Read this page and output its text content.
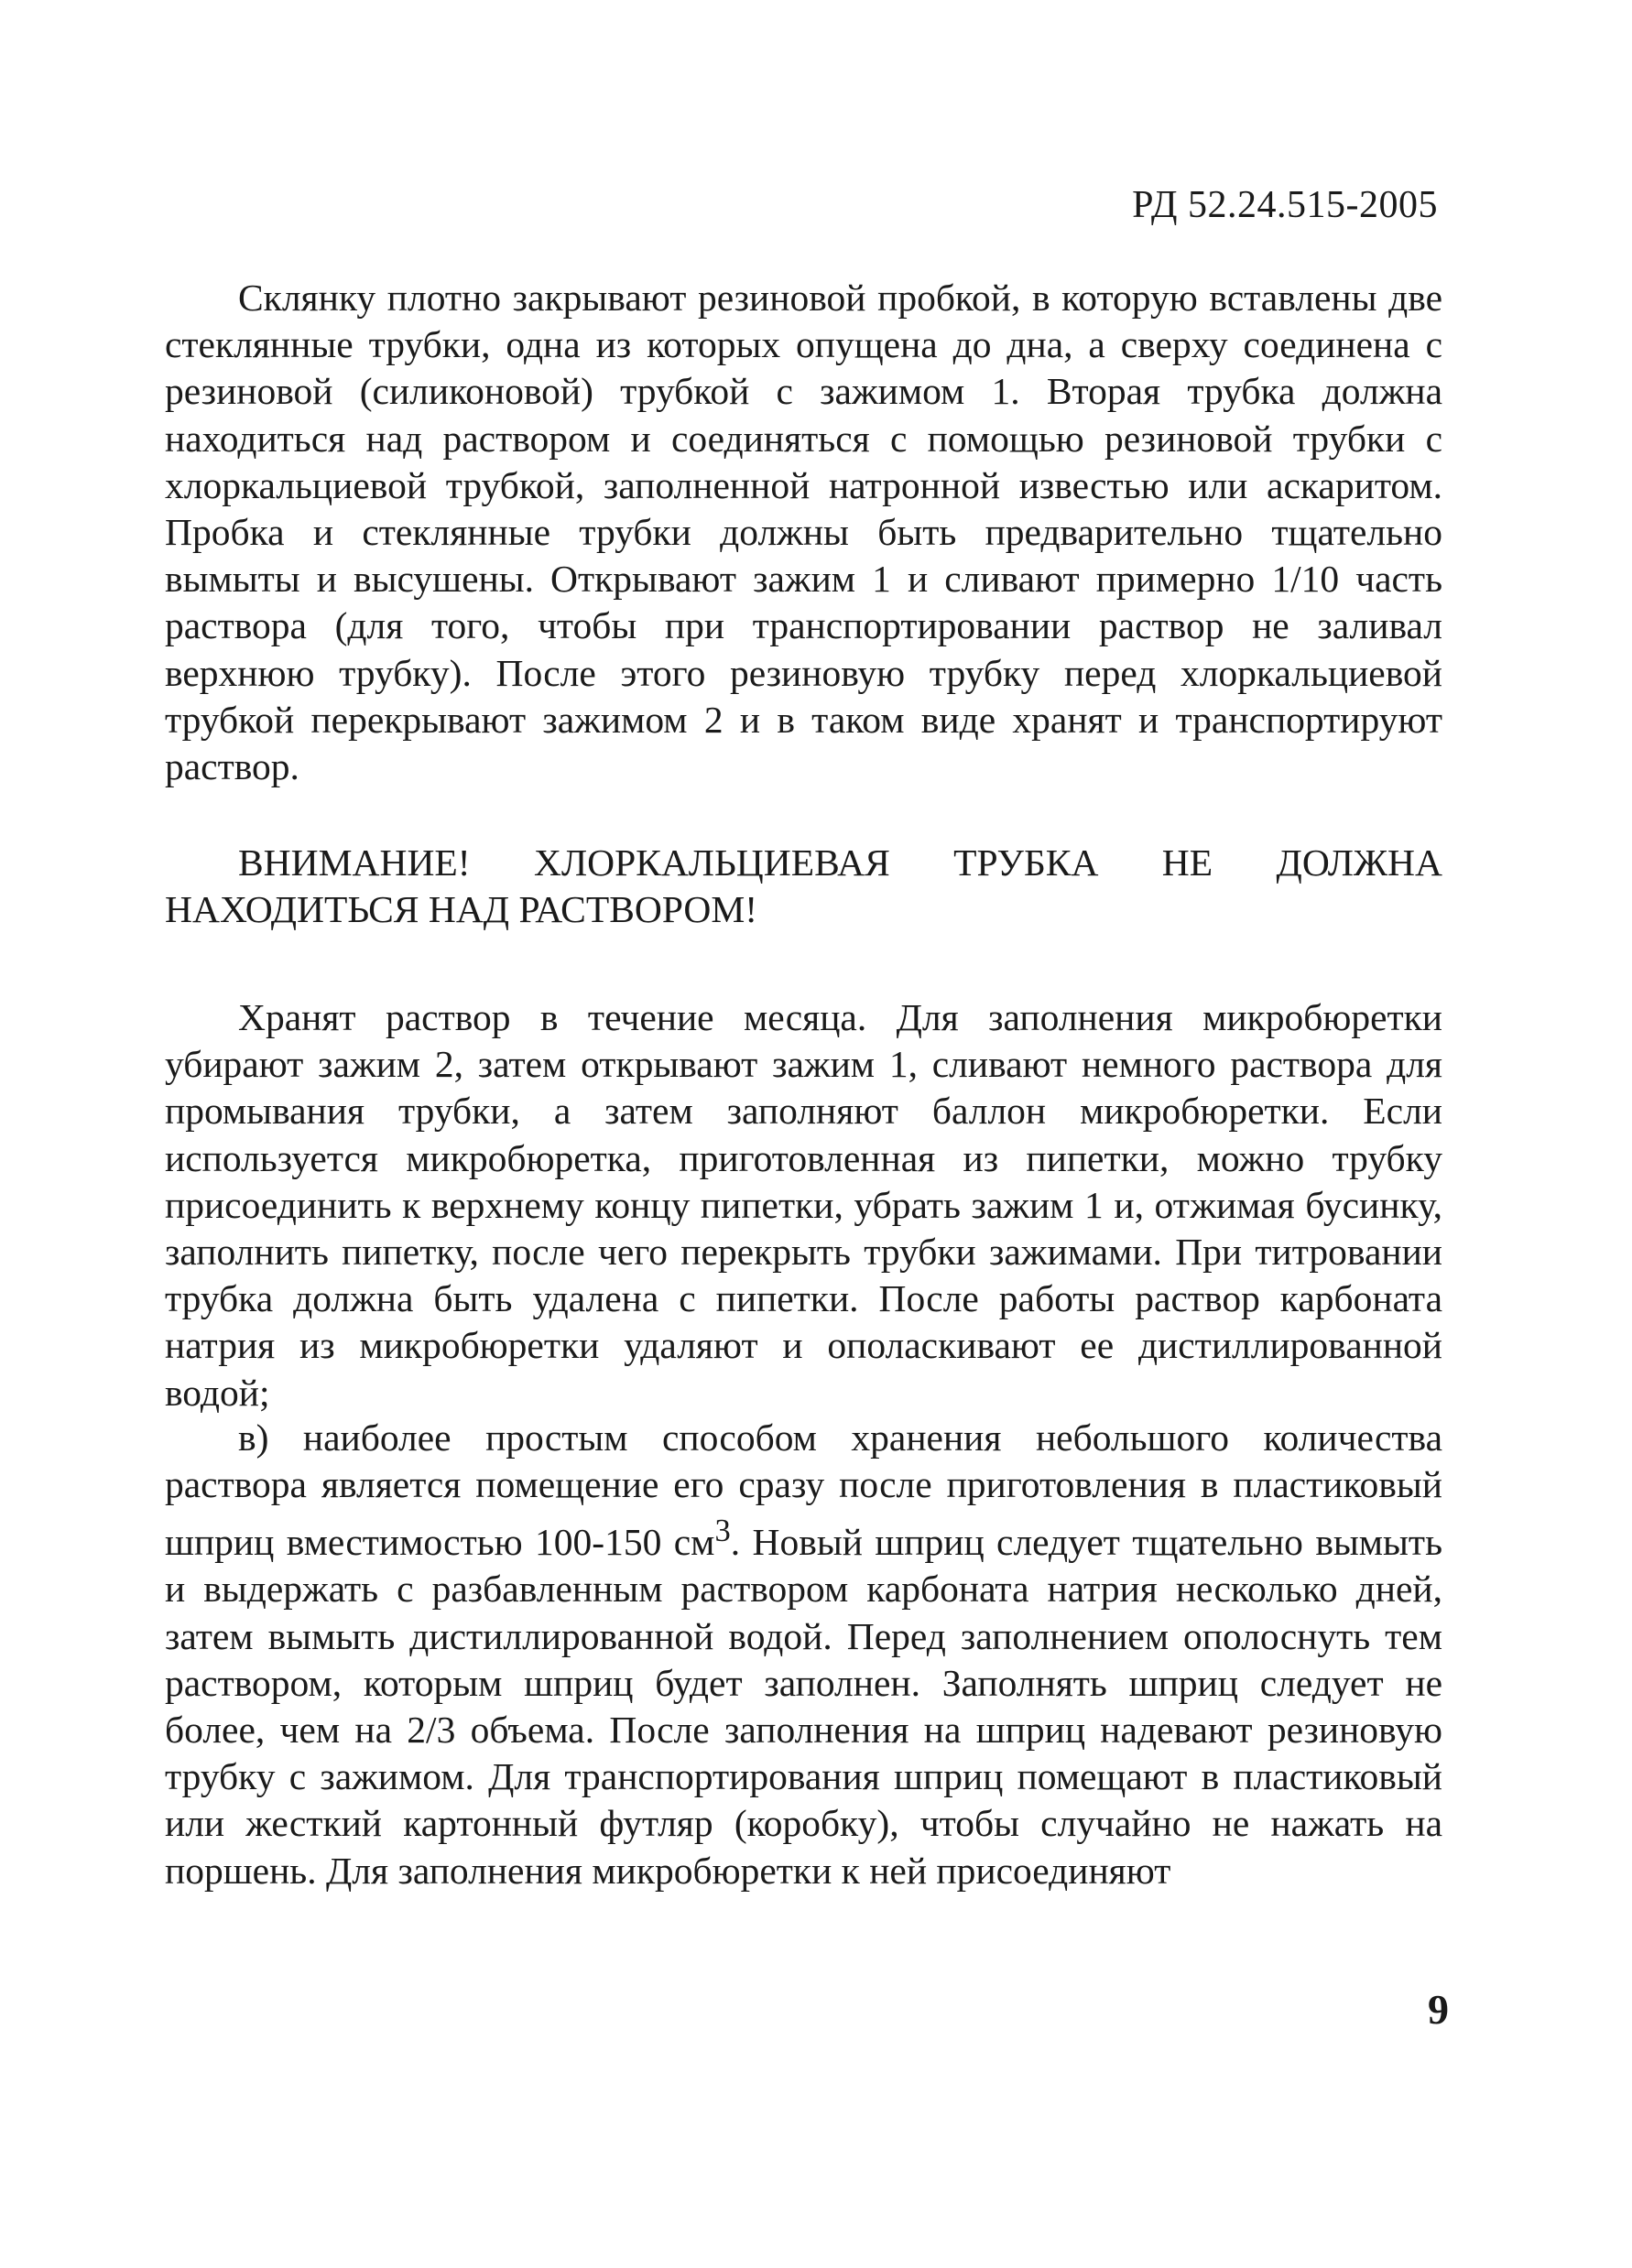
РД 52.24.515-2005

Склянку плотно закрывают резиновой пробкой, в которую вставлены две стеклянные трубки, одна из которых опущена до дна, а сверху соединена с резиновой (силиконовой) трубкой с зажимом 1. Вторая трубка должна находиться над раствором и соединяться с помощью резиновой трубки с хлоркальциевой трубкой, заполненной натронной известью или аскаритом. Пробка и стеклянные трубки должны быть предварительно тщательно вымыты и высушены. Открывают зажим 1 и сливают примерно 1/10 часть раствора (для того, чтобы при транспортировании раствор не заливал верхнюю трубку). После этого резиновую трубку перед хлоркальциевой трубкой перекрывают зажимом 2 и в таком виде хранят и транспортируют раствор.

ВНИМАНИЕ! ХЛОРКАЛЬЦИЕВАЯ ТРУБКА НЕ ДОЛЖНА НАХОДИТЬСЯ НАД РАСТВОРОМ!

Хранят раствор в течение месяца. Для заполнения микробюретки убирают зажим 2, затем открывают зажим 1, сливают немного раствора для промывания трубки, а затем заполняют баллон микробюретки. Если используется микробюретка, приготовленная из пипетки, можно трубку присоединить к верхнему концу пипетки, убрать зажим 1 и, отжимая бусинку, заполнить пипетку, после чего перекрыть трубки зажимами. При титровании трубка должна быть удалена с пипетки. После работы раствор карбоната натрия из микробюретки удаляют и ополаскивают ее дистиллированной водой;

в) наиболее простым способом хранения небольшого количества раствора является помещение его сразу после приготовления в пластиковый шприц вместимостью 100-150 $см^3$. Новый шприц следует тщательно вымыть и выдержать с разбавленным раствором карбоната натрия несколько дней, затем вымыть дистиллированной водой. Перед заполнением ополоснуть тем раствором, которым шприц будет заполнен. Заполнять шприц следует не более, чем на 2/3 объема. После заполнения на шприц надевают резиновую трубку с зажимом. Для транспортирования шприц помещают в пластиковый или жесткий картонный футляр (коробку), чтобы случайно не нажать на поршень. Для заполнения микробюретки к ней присоединяют

9
